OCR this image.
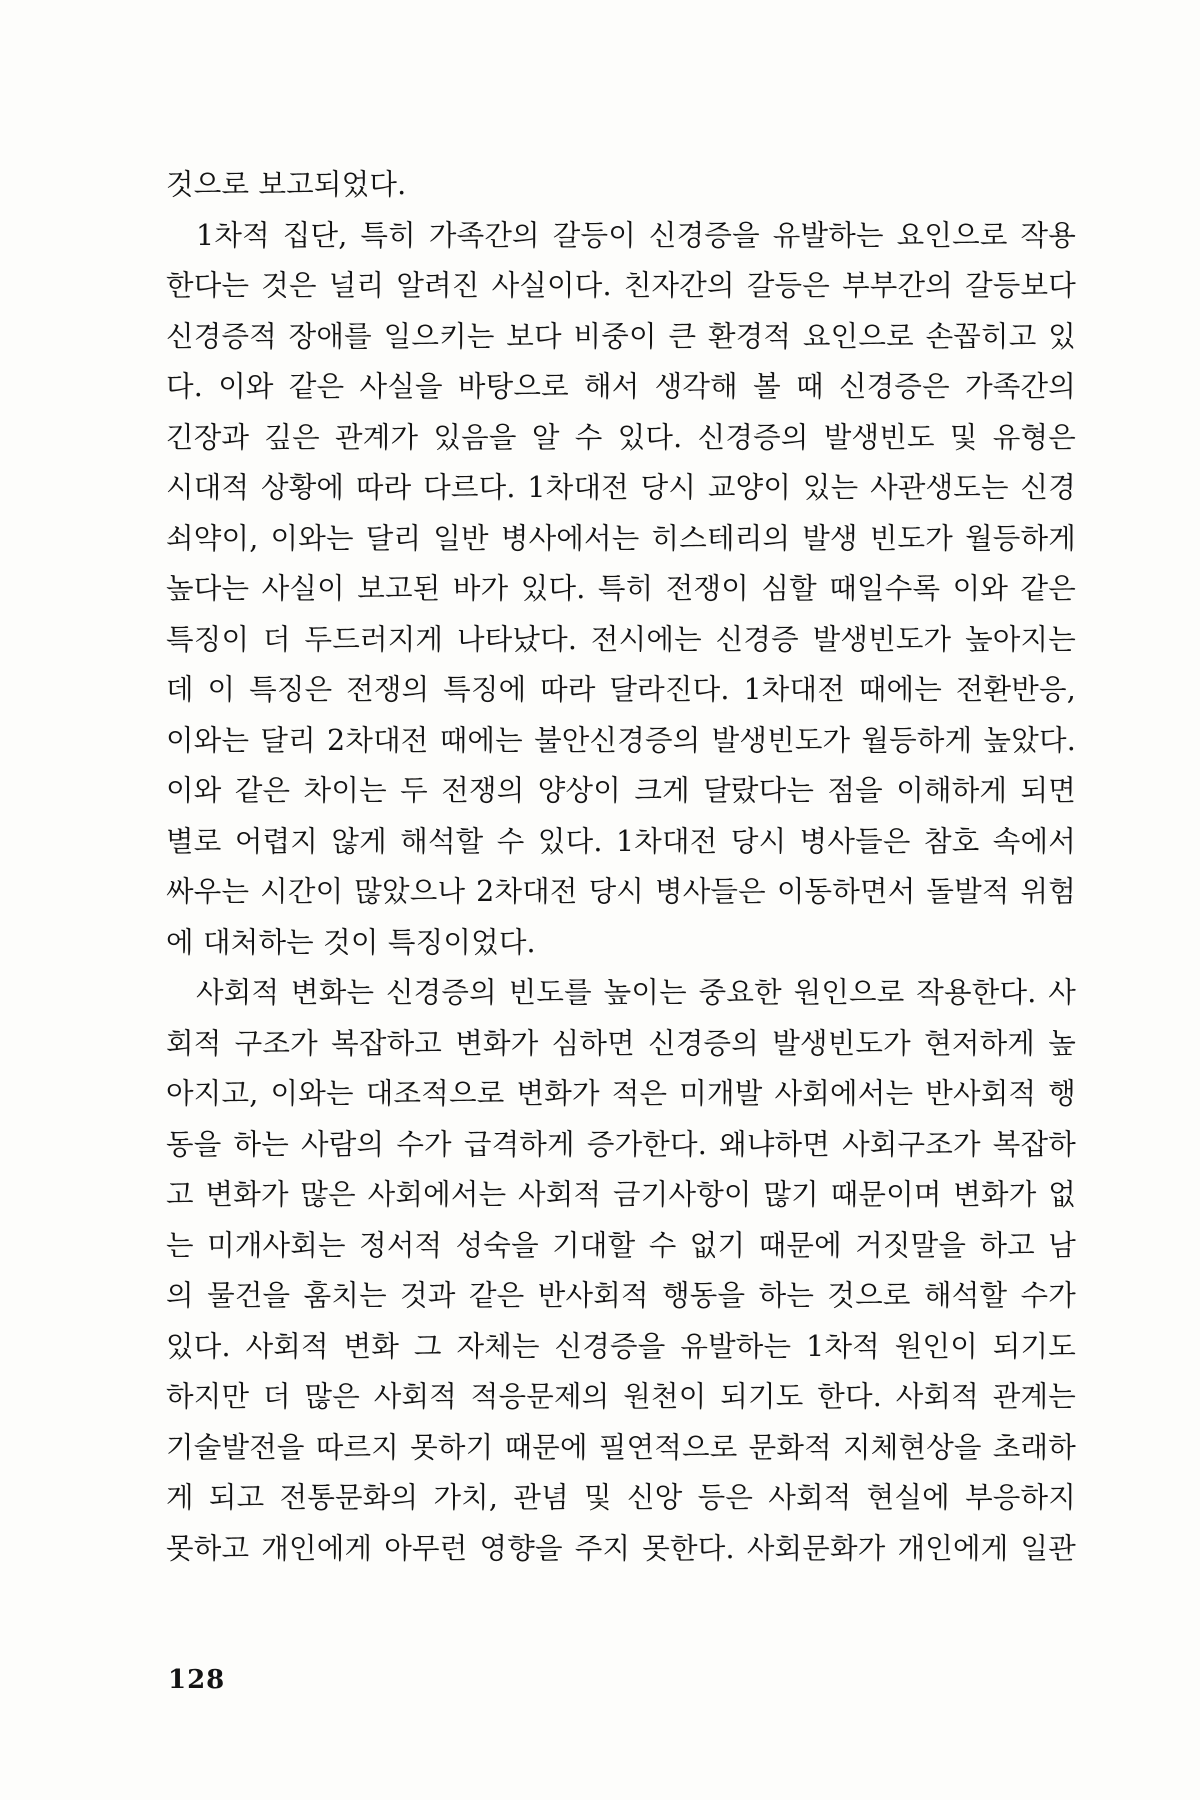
것으로 보고되었다.
1차적 집단, 특히 가족간의 갈등이 신경증을 유발하는 요인으로 작용
한다는 것은 널리 알려진 사실이다. 친자간의 갈등은 부부간의 갈등보다
신경증적 장애를 일으키는 보다 비중이 큰 환경적 요인으로 손꼽히고 있
다. 이와 같은 사실을 바탕으로 해서 생각해 볼 때 신경증은 가족간의
긴장과 깊은 관계가 있음을 알 수 있다. 신경증의 발생빈도 및 유형은
시대적 상황에 따라 다르다. 1차대전 당시 교양이 있는 사관생도는 신경
쇠약이, 이와는 달리 일반 병사에서는 히스테리의 발생 빈도가 월등하게
높다는 사실이 보고된 바가 있다. 특히 전쟁이 심할 때일수록 이와 같은
특징이 더 두드러지게 나타났다. 전시에는 신경증 발생빈도가 높아지는
데 이 특징은 전쟁의 특징에 따라 달라진다. 1차대전 때에는 전환반응,
이와는 달리 2차대전 때에는 불안신경증의 발생빈도가 월등하게 높았다.
이와 같은 차이는 두 전쟁의 양상이 크게 달랐다는 점을 이해하게 되면
별로 어렵지 않게 해석할 수 있다. 1차대전 당시 병사들은 참호 속에서
싸우는 시간이 많았으나 2차대전 당시 병사들은 이동하면서 돌발적 위험
에 대처하는 것이 특징이었다.
사회적 변화는 신경증의 빈도를 높이는 중요한 원인으로 작용한다. 사
회적 구조가 복잡하고 변화가 심하면 신경증의 발생빈도가 현저하게 높
아지고, 이와는 대조적으로 변화가 적은 미개발 사회에서는 반사회적 행
동을 하는 사람의 수가 급격하게 증가한다. 왜냐하면 사회구조가 복잡하
고 변화가 많은 사회에서는 사회적 금기사항이 많기 때문이며 변화가 없
는 미개사회는 정서적 성숙을 기대할 수 없기 때문에 거짓말을 하고 남
의 물건을 훔치는 것과 같은 반사회적 행동을 하는 것으로 해석할 수가
있다. 사회적 변화 그 자체는 신경증을 유발하는 1차적 원인이 되기도
하지만 더 많은 사회적 적응문제의 원천이 되기도 한다. 사회적 관계는
기술발전을 따르지 못하기 때문에 필연적으로 문화적 지체현상을 초래하
게 되고 전통문화의 가치, 관념 및 신앙 등은 사회적 현실에 부응하지
못하고 개인에게 아무런 영향을 주지 못한다. 사회문화가 개인에게 일관
128
